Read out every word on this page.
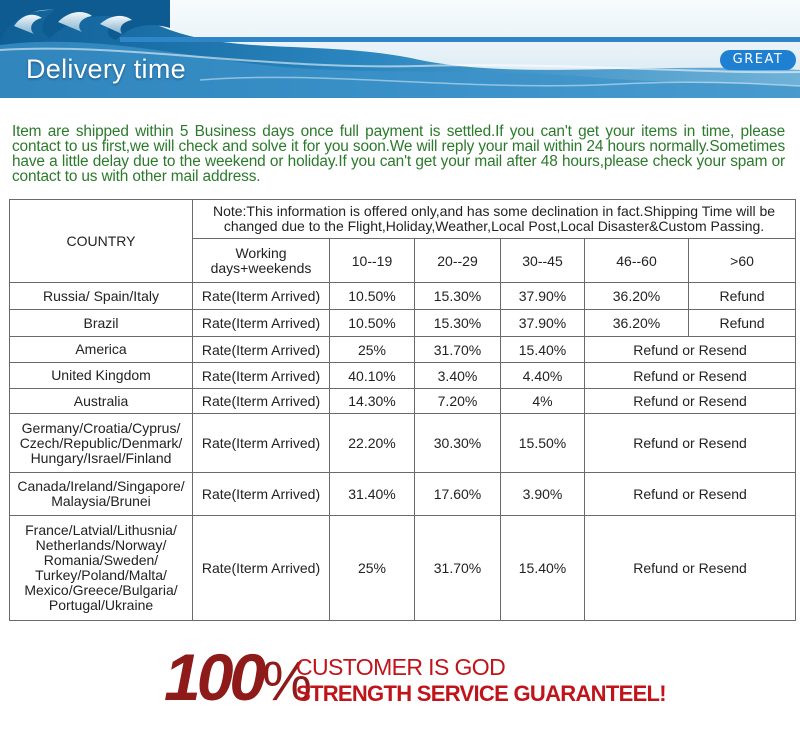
Delivery time	GREAT

Item are shipped within 5 Business days once full payment is settled.If you can't get your items in time, please contact to us first,we will check and solve it for you soon.We will reply your mail within 24 hours normally.Sometimes have a little delay due to the weekend or holiday.If you can't get your mail after 48 hours,please check your spam or contact to us with other mail address.

COUNTRY	Note:This information is offered only,and has some declination in fact.Shipping Time will be changed due to the Flight,Holiday,Weather,Local Post,Local Disaster&Custom Passing.					
	Working days+weekends	10--19	20--29	30--45	46--60	>60
Russia/ Spain/Italy	Rate(Iterm Arrived)	10.50%	15.30%	37.90%	36.20%	Refund
Brazil	Rate(Iterm Arrived)	10.50%	15.30%	37.90%	36.20%	Refund
America	Rate(Iterm Arrived)	25%	31.70%	15.40%	Refund or Resend	
United Kingdom	Rate(Iterm Arrived)	40.10%	3.40%	4.40%	Refund or Resend	
Australia	Rate(Iterm Arrived)	14.30%	7.20%	4%	Refund or Resend	
Germany/Croatia/Cyprus/ Czech/Republic/Denmark/ Hungary/Israel/Finland	Rate(Iterm Arrived)	22.20%	30.30%	15.50%	Refund or Resend	
Canada/Ireland/Singapore/ Malaysia/Brunei	Rate(Iterm Arrived)	31.40%	17.60%	3.90%	Refund or Resend	
France/Latvial/Lithusnia/ Netherlands/Norway/ Romania/Sweden/ Turkey/Poland/Malta/ Mexico/Greece/Bulgaria/ Portugal/Ukraine	Rate(Iterm Arrived)	25%	31.70%	15.40%	Refund or Resend	
100%
CUSTOMER IS GOD
STRENGTH SERVICE GUARANTEEL!
